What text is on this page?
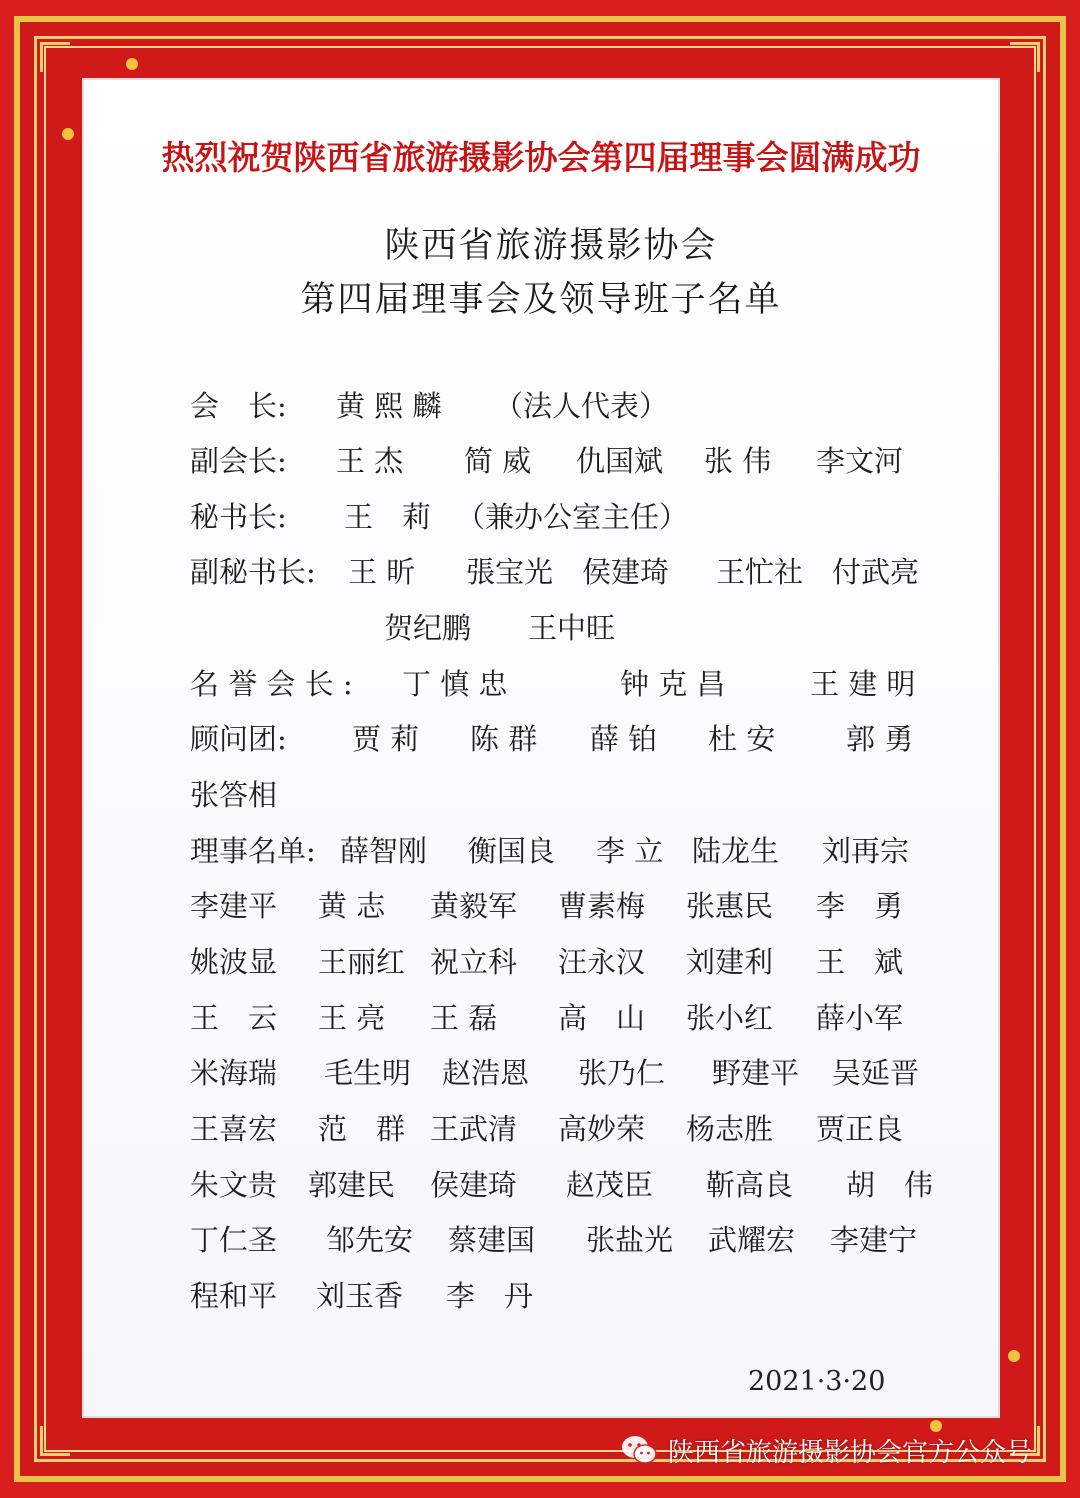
热烈祝贺陕西省旅游摄影协会第四届理事会圆满成功
陕西省旅游摄影协会
第四届理事会及领导班子名单
会　长: 黄 熙 麟 （法人代表）
副会长: 王 杰 简 威 仇国斌 张 伟 李文河
秘书长: 王　莉 （兼办公室主任）
副秘书长: 王 昕 張宝光 侯建琦 王忙社 付武亮
贺纪鹏 王中旺
名 誉 会 长 : 丁 慎 忠	钟 克 昌	王 建 明
顾问团: 贾 莉 陈 群 薛 铂 杜 安 郭 勇
张答相
理事名单: 薛智刚 衡国良 李 立 陆龙生 刘再宗
李建平 黄 志 黄毅军 曹素梅 张惠民 李　勇
姚波显 王丽红 祝立科 汪永汉 刘建利 王　斌
王　云 王 亮 王 磊 高　山 张小红 薛小军
米海瑞 毛生明 赵浩恩 张乃仁 野建平 吴延晋
王喜宏 范　群 王武清 高妙荣 杨志胜 贾正良
朱文贵 郭建民 侯建琦 赵茂臣 靳高良 胡　伟
丁仁圣 邹先安 蔡建国 张盐光 武耀宏 李建宁
程和平 刘玉香 李　丹
2021·3·20
陕西省旅游摄影协会官方公众号
